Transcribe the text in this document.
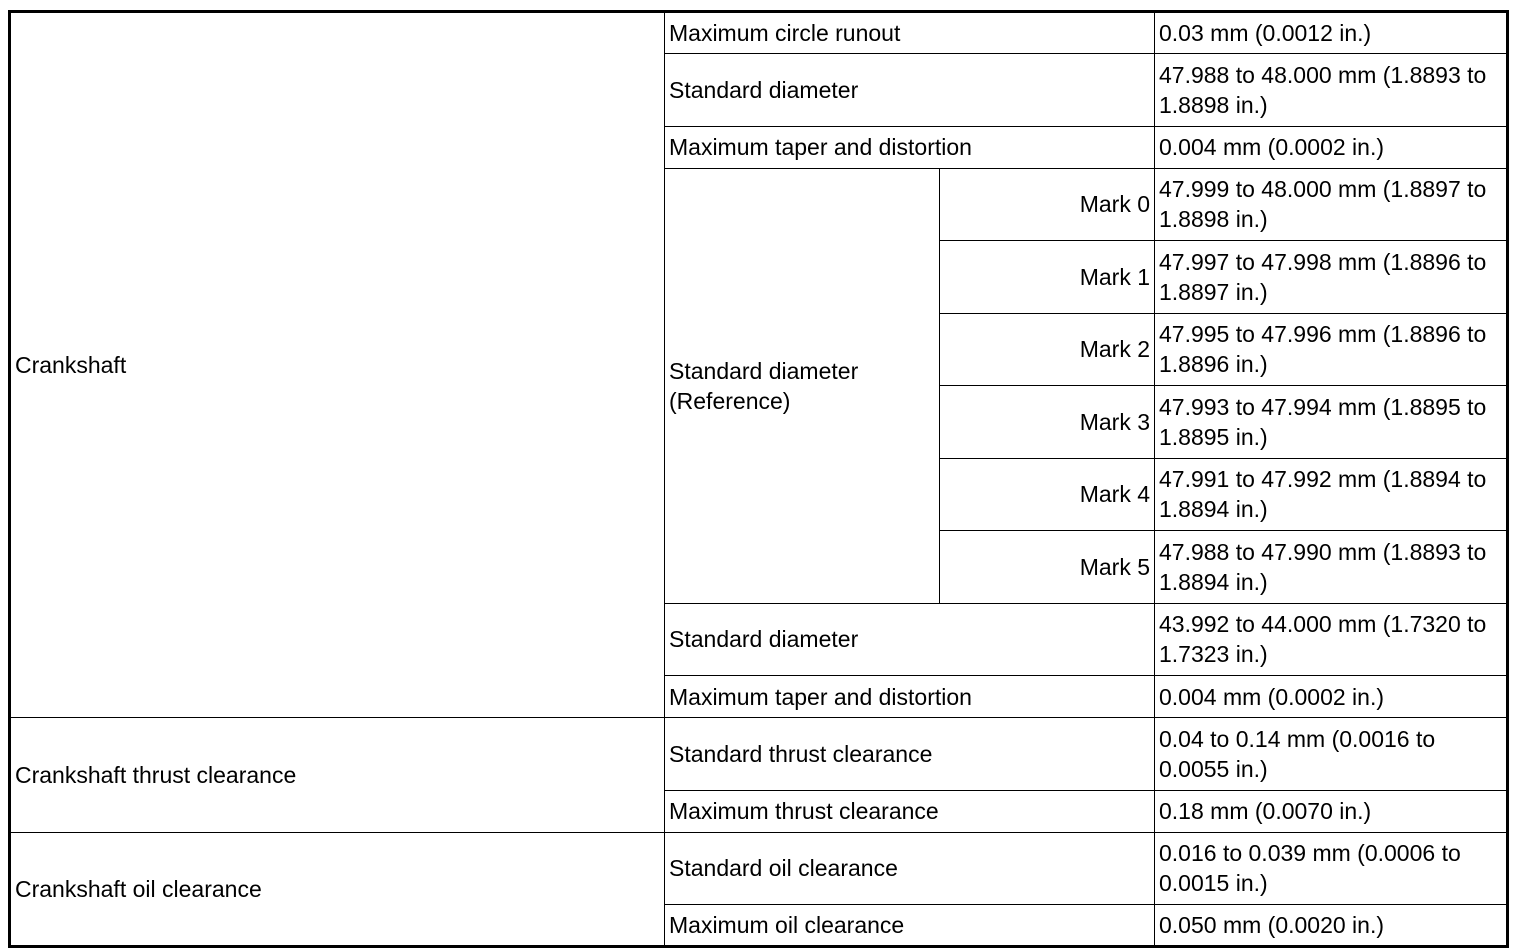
Crankshaft	Maximum circle runout		0.03 mm (0.0012 in.)
	Standard diameter		47.988 to 48.000 mm (1.8893 to 1.8898 in.)
	Maximum taper and distortion		0.004 mm (0.0002 in.)
	Standard diameter (Reference)	Mark 0	47.999 to 48.000 mm (1.8897 to 1.8898 in.)
		Mark 1	47.997 to 47.998 mm (1.8896 to 1.8897 in.)
		Mark 2	47.995 to 47.996 mm (1.8896 to 1.8896 in.)
		Mark 3	47.993 to 47.994 mm (1.8895 to 1.8895 in.)
		Mark 4	47.991 to 47.992 mm (1.8894 to 1.8894 in.)
		Mark 5	47.988 to 47.990 mm (1.8893 to 1.8894 in.)
	Standard diameter		43.992 to 44.000 mm (1.7320 to 1.7323 in.)
	Maximum taper and distortion		0.004 mm (0.0002 in.)
Crankshaft thrust clearance	Standard thrust clearance		0.04 to 0.14 mm (0.0016 to 0.0055 in.)
	Maximum thrust clearance		0.18 mm (0.0070 in.)
Crankshaft oil clearance	Standard oil clearance		0.016 to 0.039 mm (0.0006 to 0.0015 in.)
	Maximum oil clearance		0.050 mm (0.0020 in.)
